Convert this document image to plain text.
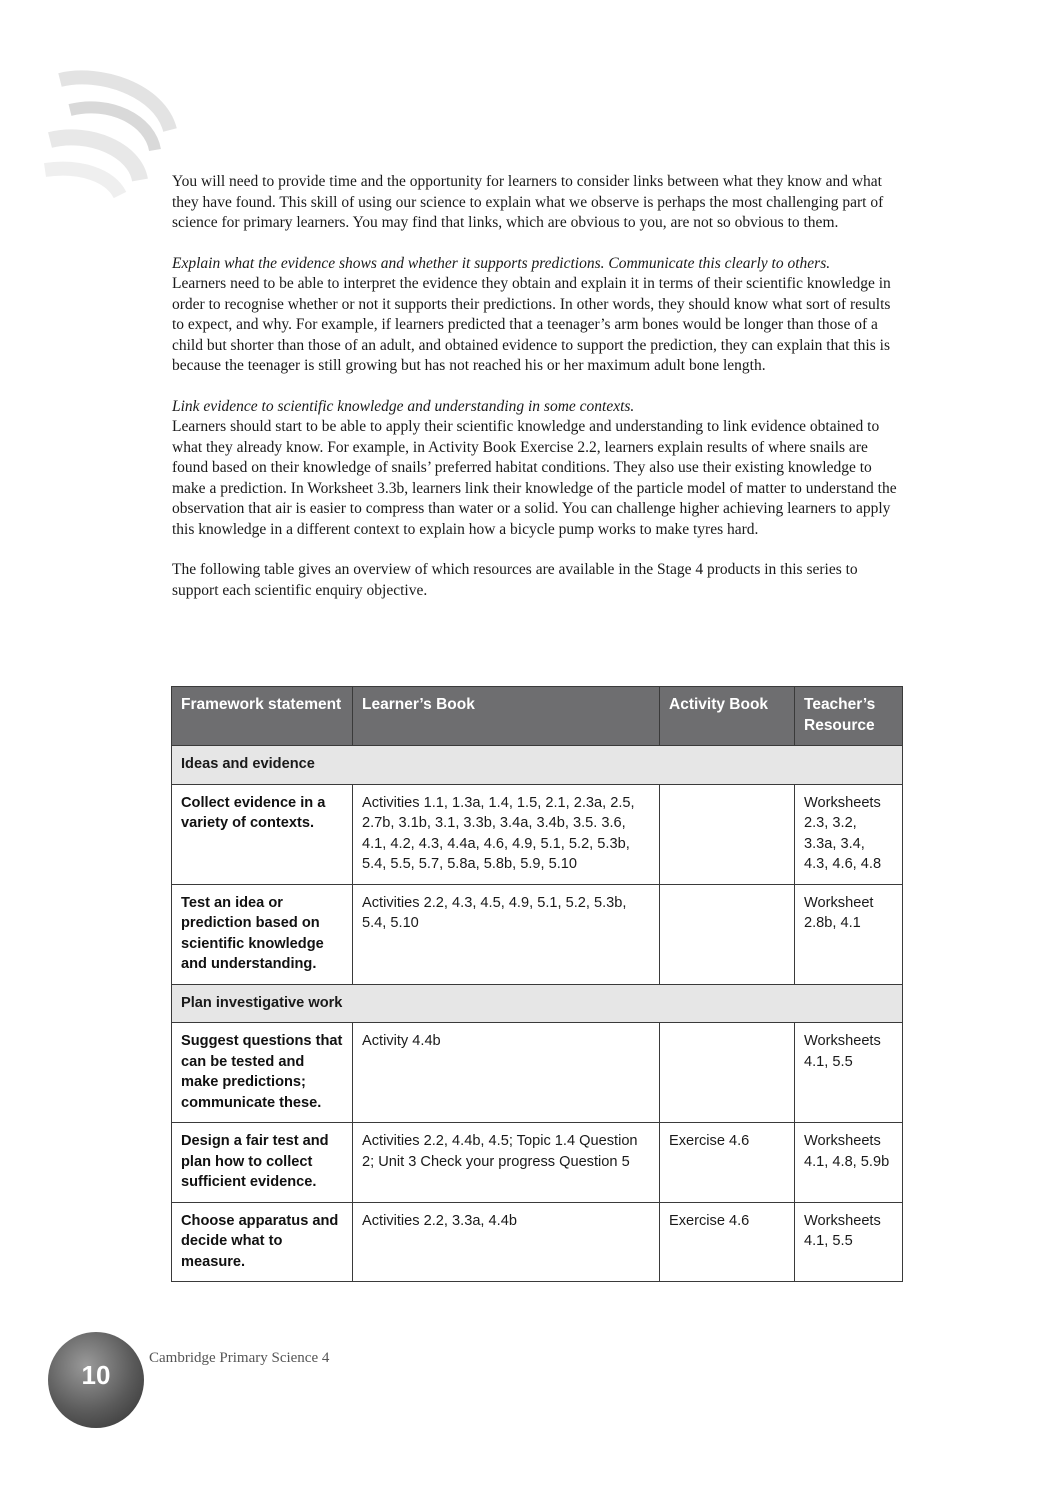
You will need to provide time and the opportunity for learners to consider links between what they know and what they have found. This skill of using our science to explain what we observe is perhaps the most challenging part of science for primary learners. You may find that links, which are obvious to you, are not so obvious to them.

Explain what the evidence shows and whether it supports predictions. Communicate this clearly to others.
Learners need to be able to interpret the evidence they obtain and explain it in terms of their scientific knowledge in order to recognise whether or not it supports their predictions. In other words, they should know what sort of results to expect, and why. For example, if learners predicted that a teenager’s arm bones would be longer than those of a child but shorter than those of an adult, and obtained evidence to support the prediction, they can explain that this is because the teenager is still growing but has not reached his or her maximum adult bone length.

Link evidence to scientific knowledge and understanding in some contexts.
Learners should start to be able to apply their scientific knowledge and understanding to link evidence obtained to what they already know. For example, in Activity Book Exercise 2.2, learners explain results of where snails are found based on their knowledge of snails’ preferred habitat conditions. They also use their existing knowledge to make a prediction. In Worksheet 3.3b, learners link their knowledge of the particle model of matter to understand the observation that air is easier to compress than water or a solid. You can challenge higher achieving learners to apply this knowledge in a different context to explain how a bicycle pump works to make tyres hard.

The following table gives an overview of which resources are available in the Stage 4 products in this series to support each scientific enquiry objective.

Framework statement	Learner’s Book	Activity Book	Teacher’s Resource
Ideas and evidence			
Collect evidence in a variety of contexts.	Activities 1.1, 1.3a, 1.4, 1.5, 2.1, 2.3a, 2.5, 2.7b, 3.1b, 3.1, 3.3b, 3.4a, 3.4b, 3.5. 3.6, 4.1, 4.2, 4.3, 4.4a, 4.6, 4.9, 5.1, 5.2, 5.3b, 5.4, 5.5, 5.7, 5.8a, 5.8b, 5.9, 5.10		Worksheets 2.3, 3.2, 3.3a, 3.4, 4.3, 4.6, 4.8
Test an idea or prediction based on scientific knowledge and understanding.	Activities 2.2, 4.3, 4.5, 4.9, 5.1, 5.2, 5.3b, 5.4, 5.10		Worksheet 2.8b, 4.1
Plan investigative work			
Suggest questions that can be tested and make predictions; communicate these.	Activity 4.4b		Worksheets 4.1, 5.5
Design a fair test and plan how to collect sufficient evidence.	Activities 2.2, 4.4b, 4.5; Topic 1.4 Question 2; Unit 3 Check your progress Question 5	Exercise 4.6	Worksheets 4.1, 4.8, 5.9b
Choose apparatus and decide what to measure.	Activities 2.2, 3.3a, 4.4b	Exercise 4.6	Worksheets 4.1, 5.5
10
Cambridge Primary Science 4
